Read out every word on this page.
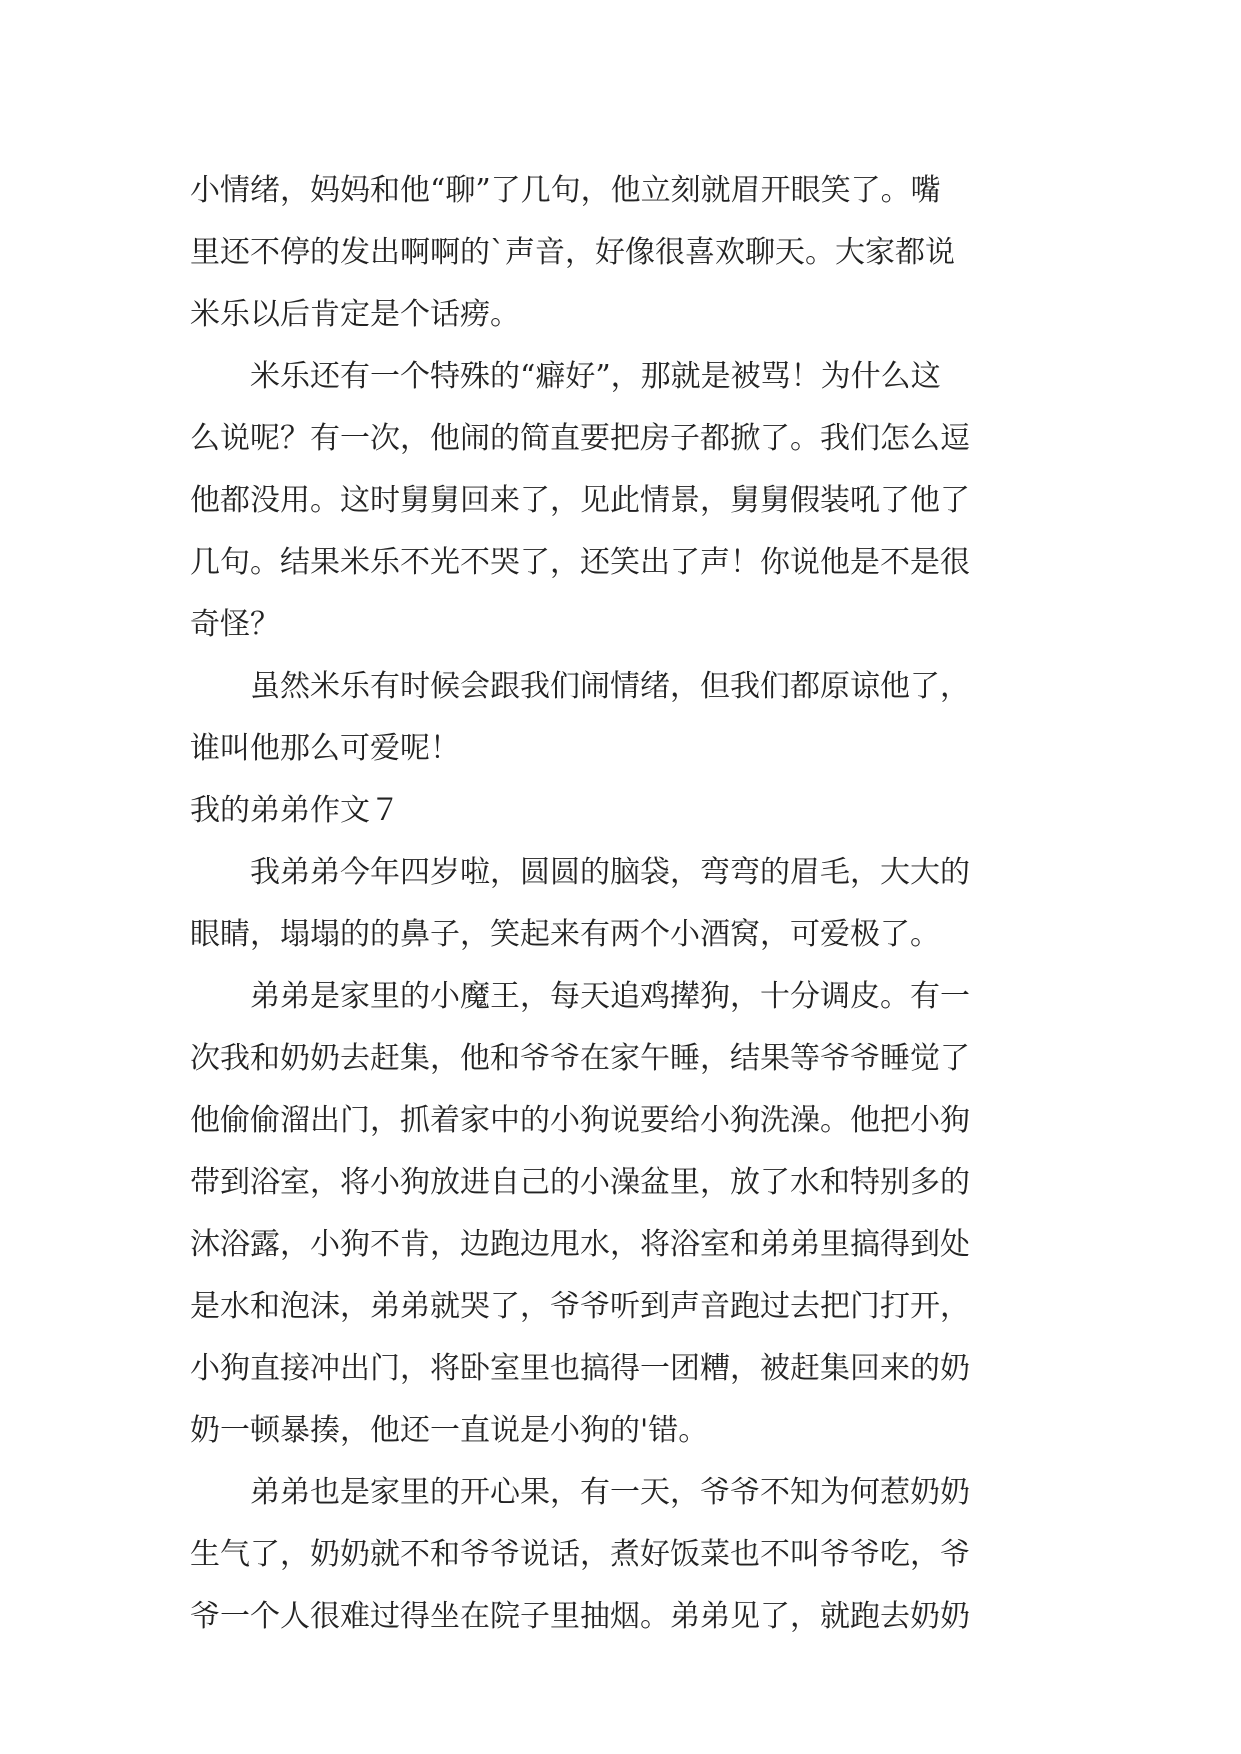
小情绪，妈妈和他“聊”了几句，他立刻就眉开眼笑了。嘴
里还不停的发出啊啊的`声音，好像很喜欢聊天。大家都说
米乐以后肯定是个话痨。

米乐还有一个特殊的“癖好”，那就是被骂！为什么这
么说呢？有一次，他闹的简直要把房子都掀了。我们怎么逗
他都没用。这时舅舅回来了，见此情景，舅舅假装吼了他了
几句。结果米乐不光不哭了，还笑出了声！你说他是不是很
奇怪？

虽然米乐有时候会跟我们闹情绪，但我们都原谅他了，
谁叫他那么可爱呢！

我的弟弟作文７

我弟弟今年四岁啦，圆圆的脑袋，弯弯的眉毛，大大的
眼睛，塌塌的的鼻子，笑起来有两个小酒窝，可爱极了。

弟弟是家里的小魔王，每天追鸡撵狗，十分调皮。有一
次我和奶奶去赶集，他和爷爷在家午睡，结果等爷爷睡觉了
他偷偷溜出门，抓着家中的小狗说要给小狗洗澡。他把小狗
带到浴室，将小狗放进自己的小澡盆里，放了水和特别多的
沐浴露，小狗不肯，边跑边甩水，将浴室和弟弟里搞得到处
是水和泡沫，弟弟就哭了，爷爷听到声音跑过去把门打开，
小狗直接冲出门，将卧室里也搞得一团糟，被赶集回来的奶
奶一顿暴揍，他还一直说是小狗的'错。

弟弟也是家里的开心果，有一天，爷爷不知为何惹奶奶
生气了，奶奶就不和爷爷说话，煮好饭菜也不叫爷爷吃，爷
爷一个人很难过得坐在院子里抽烟。弟弟见了，就跑去奶奶
